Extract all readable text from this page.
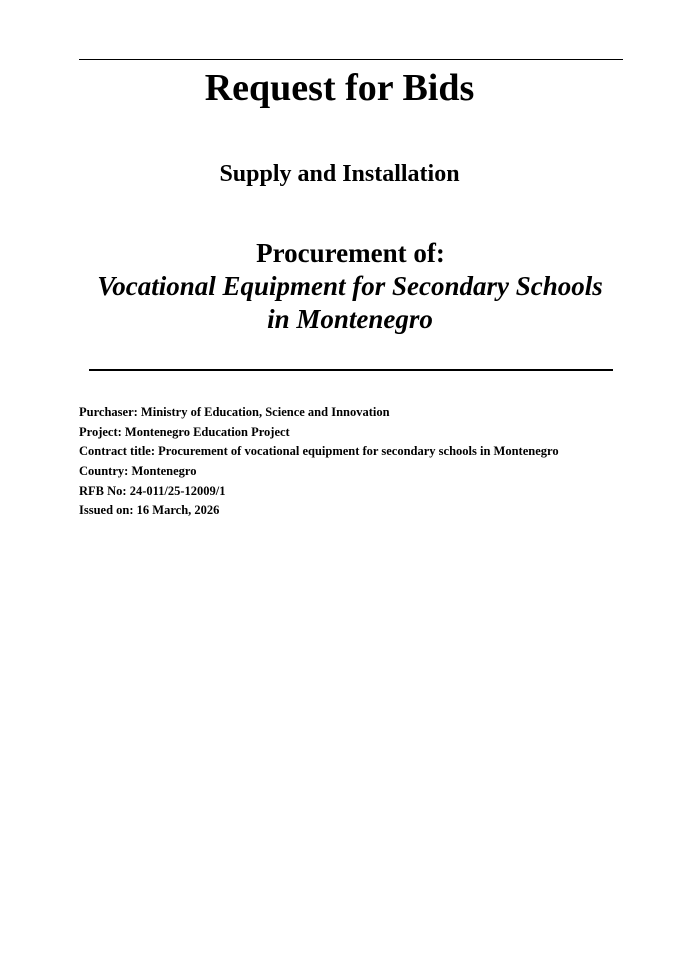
Request for Bids
Supply and Installation
Procurement of:
Vocational Equipment for Secondary Schools in Montenegro
Purchaser: Ministry of Education, Science and Innovation
Project: Montenegro Education Project
Contract title: Procurement of vocational equipment for secondary schools in Montenegro
Country: Montenegro
RFB No: 24-011/25-12009/1
Issued on: 16 March, 2026
